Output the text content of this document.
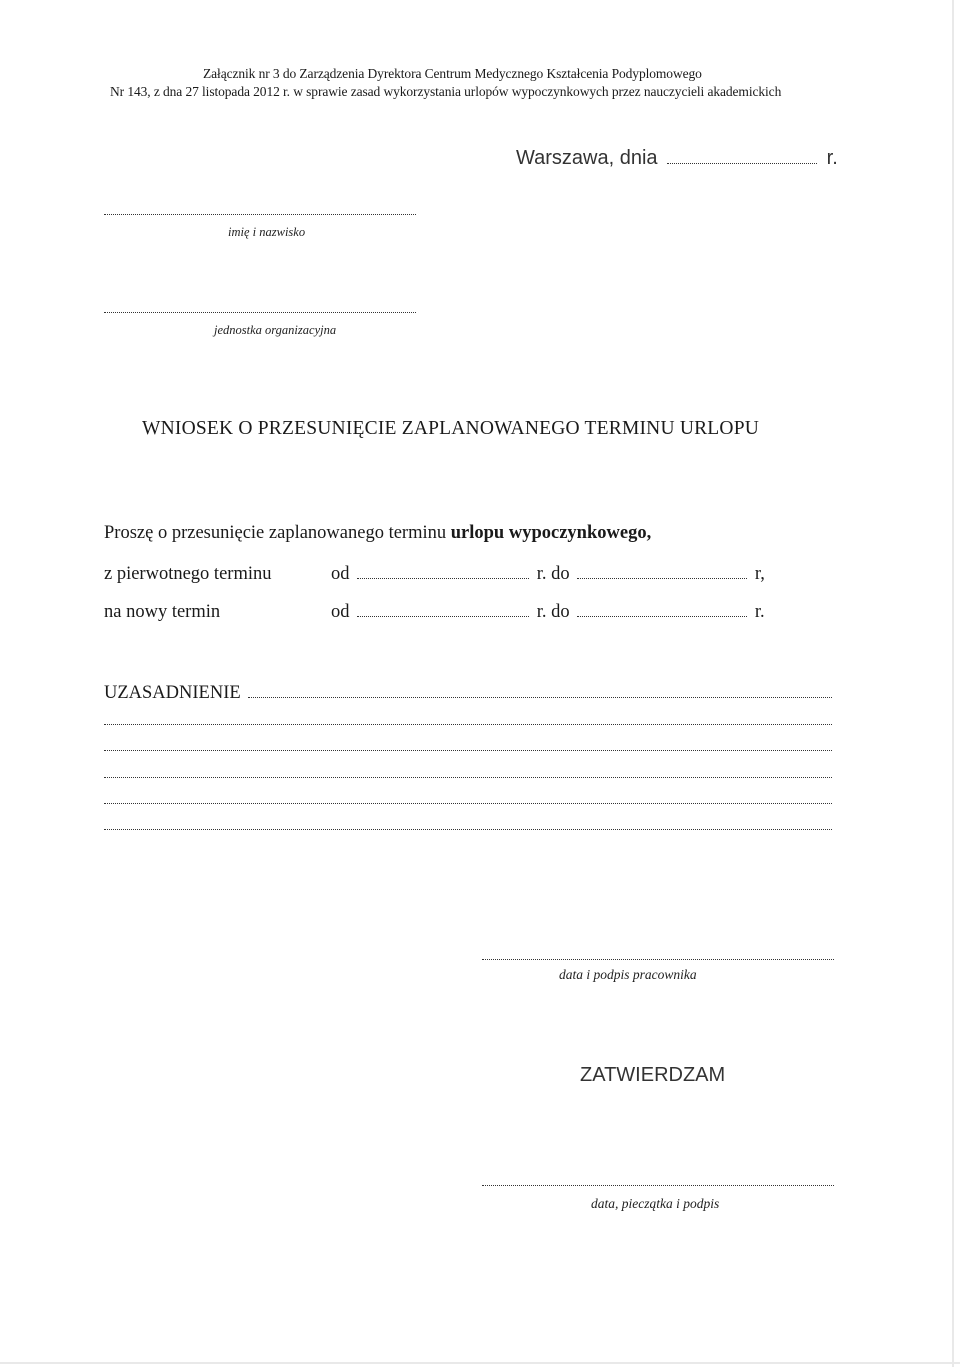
Załącznik nr 3 do Zarządzenia Dyrektora Centrum Medycznego Kształcenia Podyplomowego
Nr 143, z dna 27 listopada 2012 r. w sprawie zasad wykorzystania urlopów wypoczynkowych przez nauczycieli akademickich
Warszawa, dnia	r.
imię i nazwisko
jednostka organizacyjna
WNIOSEK O PRZESUNIĘCIE ZAPLANOWANEGO TERMINU URLOPU
Proszę o przesunięcie zaplanowanego terminu urlopu wypoczynkowego,
z pierwotnego terminu	od	r. do	r,
na nowy termin	od	r. do	r.
UZASADNIENIE
data i podpis pracownika
ZATWIERDZAM
data, pieczątka i podpis
